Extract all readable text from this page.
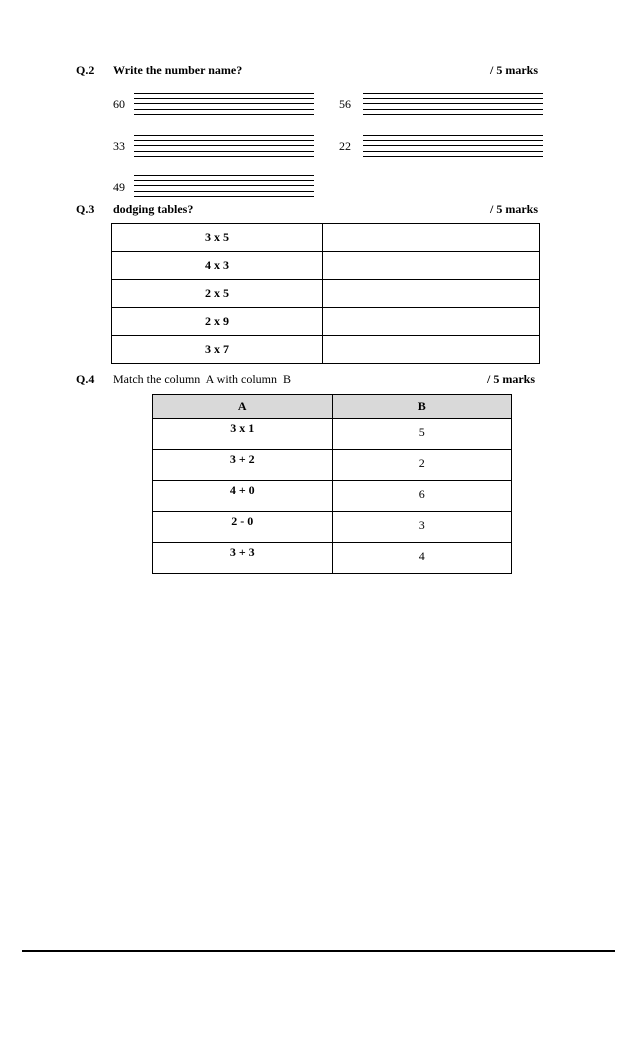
Q.2 Write the number name?	/ 5 marks
60	56
33	22
49
Q.3 dodging tables?	/ 5 marks
3 x 5	
4 x 3	
2 x 5	
2 x 9	
3 x 7	
Q.4 Match the column  A with column  B	/ 5 marks
A	B
3 x 1	5
3 + 2	2
4 + 0	6
2 - 0	3
3 + 3	4
